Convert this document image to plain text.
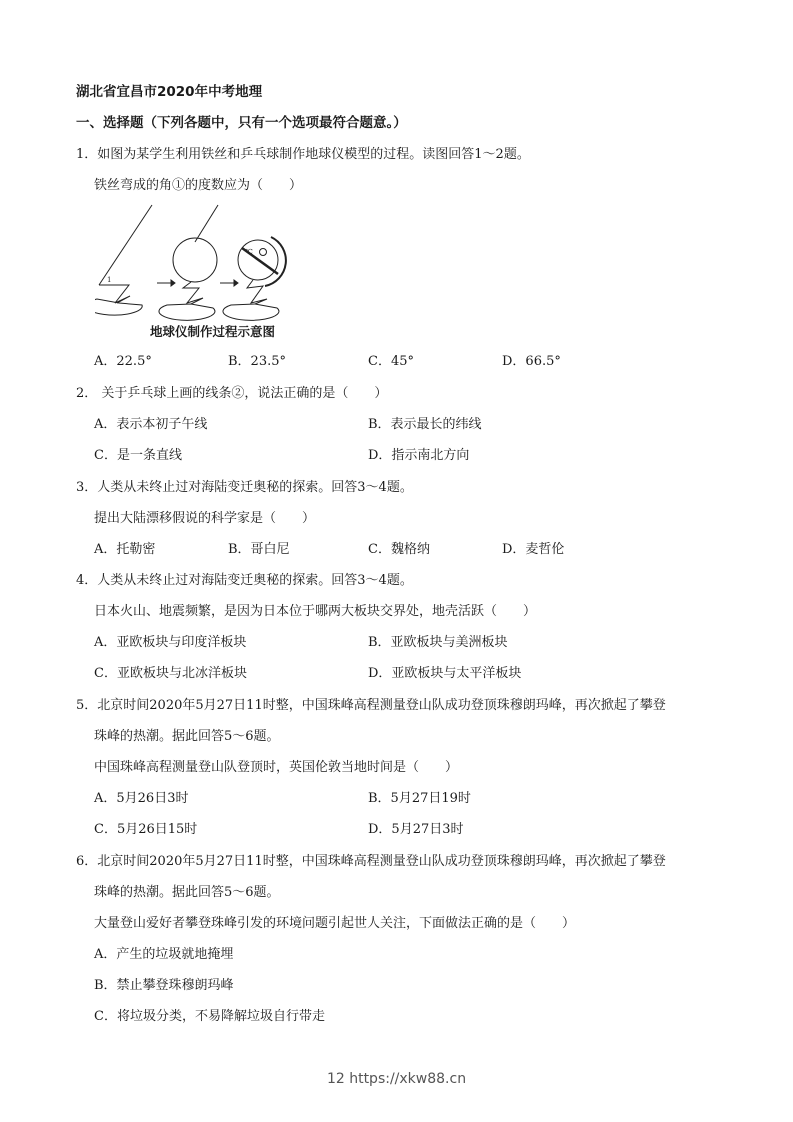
湖北省宜昌市2020年中考地理
一、选择题（下列各题中，只有一个选项最符合题意。）
1．如图为某学生利用铁丝和乒乓球制作地球仪模型的过程。读图回答1～2题。
铁丝弯成的角①的度数应为（　　）
1
℃
地球仪制作过程示意图
A．22.5°	B．23.5°	C．45°	D．66.5°
2． 关于乒乓球上画的线条②，说法正确的是（　　）
A．表示本初子午线	B．表示最长的纬线
C．是一条直线	D．指示南北方向
3．人类从未终止过对海陆变迁奥秘的探索。回答3～4题。
提出大陆漂移假说的科学家是（　　）
A．托勒密	B．哥白尼	C．魏格纳	D．麦哲伦
4．人类从未终止过对海陆变迁奥秘的探索。回答3～4题。
日本火山、地震频繁，是因为日本位于哪两大板块交界处，地壳活跃（　　）
A．亚欧板块与印度洋板块	B．亚欧板块与美洲板块
C．亚欧板块与北冰洋板块	D．亚欧板块与太平洋板块
5．北京时间2020年5月27日11时整，中国珠峰高程测量登山队成功登顶珠穆朗玛峰，再次掀起了攀登
珠峰的热潮。据此回答5～6题。
中国珠峰高程测量登山队登顶时，英国伦敦当地时间是（　　）
A．5月26日3时	B．5月27日19时
C．5月26日15时	D．5月27日3时
6．北京时间2020年5月27日11时整，中国珠峰高程测量登山队成功登顶珠穆朗玛峰，再次掀起了攀登
珠峰的热潮。据此回答5～6题。
大量登山爱好者攀登珠峰引发的环境问题引起世人关注，下面做法正确的是（　　）
A．产生的垃圾就地掩埋
B．禁止攀登珠穆朗玛峰
C．将垃圾分类，不易降解垃圾自行带走
12 https://xkw88.cn
